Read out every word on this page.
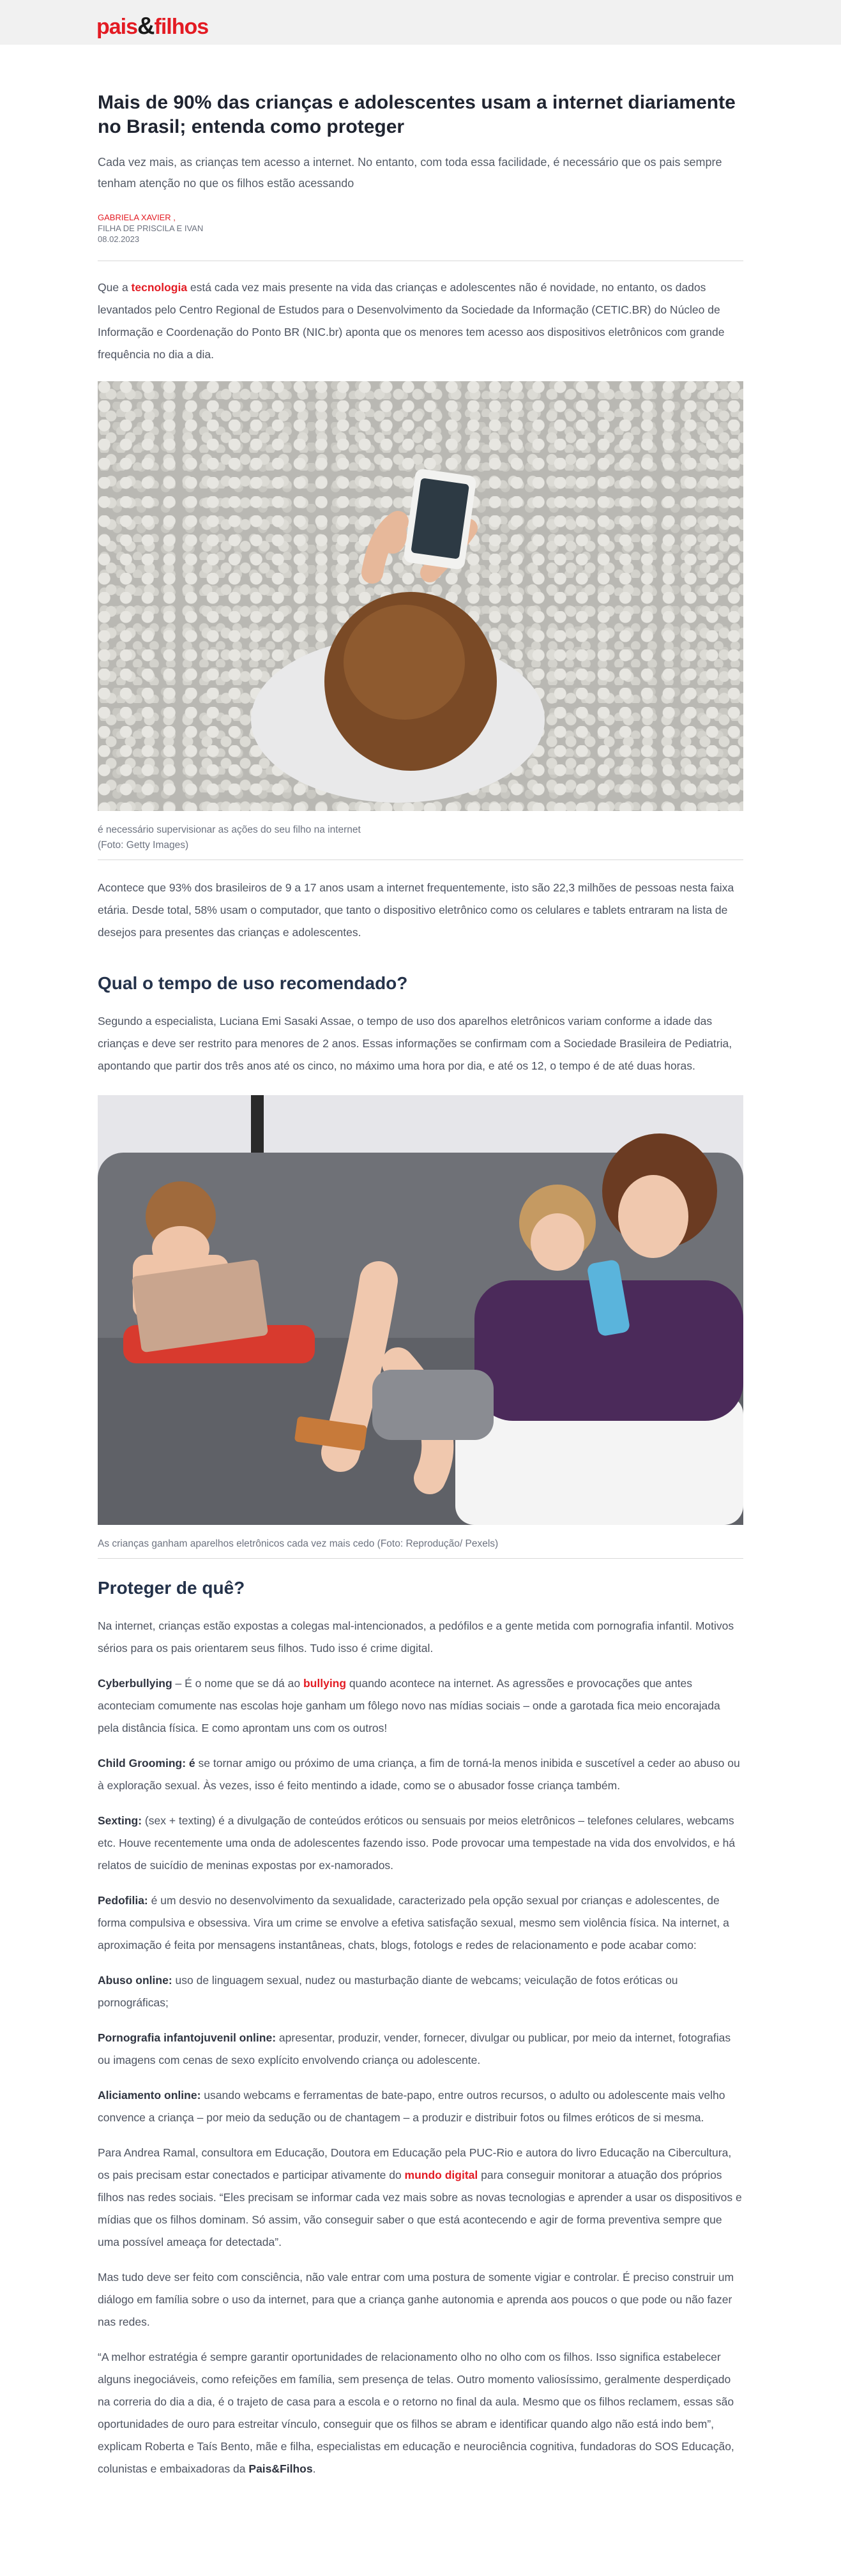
pais&filhos
Mais de 90% das crianças e adolescentes usam a internet diariamente no Brasil; entenda como proteger

Cada vez mais, as crianças tem acesso a internet. No entanto, com toda essa facilidade, é necessário que os pais sempre tenham atenção no que os filhos estão acessando

GABRIELA XAVIER ,
FILHA DE PRISCILA E IVAN
08.02.2023

Que a tecnologia está cada vez mais presente na vida das crianças e adolescentes não é novidade, no entanto, os dados levantados pelo Centro Regional de Estudos para o Desenvolvimento da Sociedade da Informação (CETIC.BR) do Núcleo de Informação e Coordenação do Ponto BR (NIC.br) aponta que os menores tem acesso aos dispositivos eletrônicos com grande frequência no dia a dia.

é necessário supervisionar as ações do seu filho na internet
(Foto: Getty Images)

Acontece que 93% dos brasileiros de 9 a 17 anos usam a internet frequentemente, isto são 22,3 milhões de pessoas nesta faixa etária. Desde total, 58% usam o computador, que tanto o dispositivo eletrônico como os celulares e tablets entraram na lista de desejos para presentes das crianças e adolescentes.

Qual o tempo de uso recomendado?

Segundo a especialista, Luciana Emi Sasaki Assae, o tempo de uso dos aparelhos eletrônicos variam conforme a idade das crianças e deve ser restrito para menores de 2 anos. Essas informações se confirmam com a Sociedade Brasileira de Pediatria, apontando que partir dos três anos até os cinco, no máximo uma hora por dia, e até os 12, o tempo é de até duas horas.

As crianças ganham aparelhos eletrônicos cada vez mais cedo (Foto: Reprodução/ Pexels)

Proteger de quê?

Na internet, crianças estão expostas a colegas mal-intencionados, a pedófilos e a gente metida com pornografia infantil. Motivos sérios para os pais orientarem seus filhos. Tudo isso é crime digital.

Cyberbullying – É o nome que se dá ao bullying quando acontece na internet. As agressões e provocações que antes aconteciam comumente nas escolas hoje ganham um fôlego novo nas mídias sociais – onde a garotada fica meio encorajada pela distância física. E como aprontam uns com os outros!

Child Grooming: é se tornar amigo ou próximo de uma criança, a fim de torná-la menos inibida e suscetível a ceder ao abuso ou à exploração sexual. Às vezes, isso é feito mentindo a idade, como se o abusador fosse criança também.

Sexting: (sex + texting) é a divulgação de conteúdos eróticos ou sensuais por meios eletrônicos – telefones celulares, webcams etc. Houve recentemente uma onda de adolescentes fazendo isso. Pode provocar uma tempestade na vida dos envolvidos, e há relatos de suicídio de meninas expostas por ex-namorados.

Pedofilia: é um desvio no desenvolvimento da sexualidade, caracterizado pela opção sexual por crianças e adolescentes, de forma compulsiva e obsessiva. Vira um crime se envolve a efetiva satisfação sexual, mesmo sem violência física. Na internet, a aproximação é feita por mensagens instantâneas, chats, blogs, fotologs e redes de relacionamento e pode acabar como:

Abuso online: uso de linguagem sexual, nudez ou masturbação diante de webcams; veiculação de fotos eróticas ou pornográficas;

Pornografia infantojuvenil online: apresentar, produzir, vender, fornecer, divulgar ou publicar, por meio da internet, fotografias ou imagens com cenas de sexo explícito envolvendo criança ou adolescente.

Aliciamento online: usando webcams e ferramentas de bate-papo, entre outros recursos, o adulto ou adolescente mais velho convence a criança – por meio da sedução ou de chantagem – a produzir e distribuir fotos ou filmes eróticos de si mesma.

Para Andrea Ramal, consultora em Educação, Doutora em Educação pela PUC-Rio e autora do livro Educação na Cibercultura, os pais precisam estar conectados e participar ativamente do mundo digital para conseguir monitorar a atuação dos próprios filhos nas redes sociais. “Eles precisam se informar cada vez mais sobre as novas tecnologias e aprender a usar os dispositivos e mídias que os filhos dominam. Só assim, vão conseguir saber o que está acontecendo e agir de forma preventiva sempre que uma possível ameaça for detectada”.

Mas tudo deve ser feito com consciência, não vale entrar com uma postura de somente vigiar e controlar. É preciso construir um diálogo em família sobre o uso da internet, para que a criança ganhe autonomia e aprenda aos poucos o que pode ou não fazer nas redes.

“A melhor estratégia é sempre garantir oportunidades de relacionamento olho no olho com os filhos. Isso significa estabelecer alguns inegociáveis, como refeições em família, sem presença de telas. Outro momento valiosíssimo, geralmente desperdiçado na correria do dia a dia, é o trajeto de casa para a escola e o retorno no final da aula. Mesmo que os filhos reclamem, essas são oportunidades de ouro para estreitar vínculo, conseguir que os filhos se abram e identificar quando algo não está indo bem”, explicam Roberta e Taís Bento, mãe e filha, especialistas em educação e neurociência cognitiva, fundadoras do SOS Educação, colunistas e embaixadoras da Pais&Filhos.
